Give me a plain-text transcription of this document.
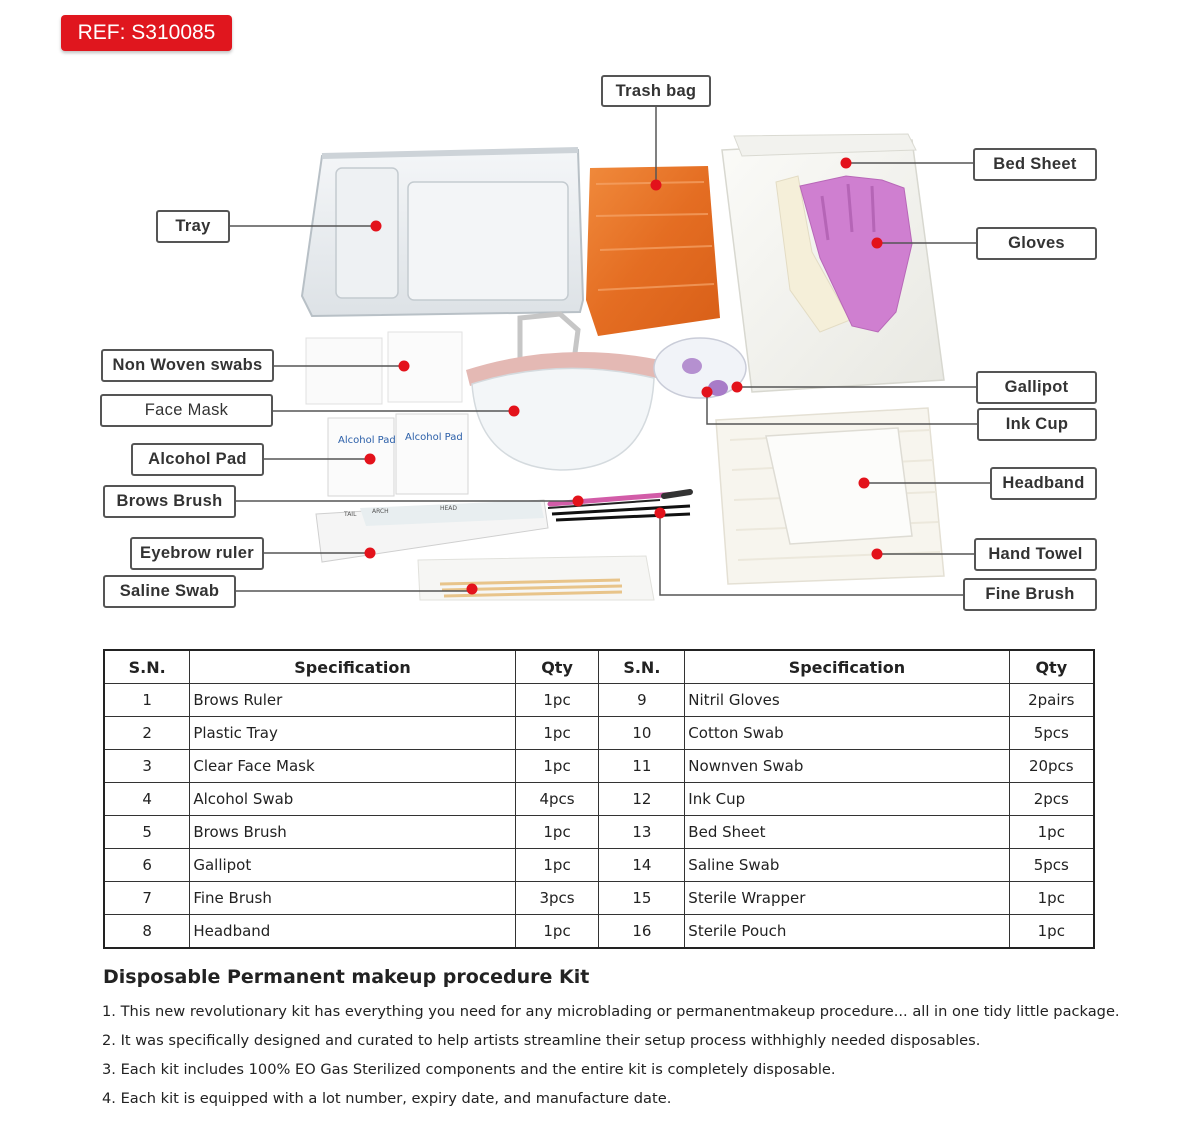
REF: S310085
Alcohol Pad Alcohol Pad
TAIL	ARCH	HEAD
Trash bag
Bed Sheet
Tray
Gloves
Non Woven swabs
Face Mask
Gallipot
Ink Cup
Alcohol Pad
Headband
Brows Brush
Eyebrow ruler	Hand Towel
Saline Swab	Fine Brush
S.N.	Specification	Qty	S.N.	Specification	Qty
1	Brows Ruler	1pc	9	Nitril Gloves	2pairs
2	Plastic Tray	1pc	10	Cotton Swab	5pcs
3	Clear Face Mask	1pc	11	Nownven Swab	20pcs
4	Alcohol Swab	4pcs	12	Ink Cup	2pcs
5	Brows Brush	1pc	13	Bed Sheet	1pc
6	Gallipot	1pc	14	Saline Swab	5pcs
7	Fine Brush	3pcs	15	Sterile Wrapper	1pc
8	Headband	1pc	16	Sterile Pouch	1pc
Disposable Permanent makeup procedure Kit
1. This new revolutionary kit has everything you need for any microblading or permanentmakeup procedure... all in one tidy little package.
2. It was specifically designed and curated to help artists streamline their setup process withhighly needed disposables.
3. Each kit includes 100% EO Gas Sterilized components and the entire kit is completely disposable.
4. Each kit is equipped with a lot number, expiry date, and manufacture date.
